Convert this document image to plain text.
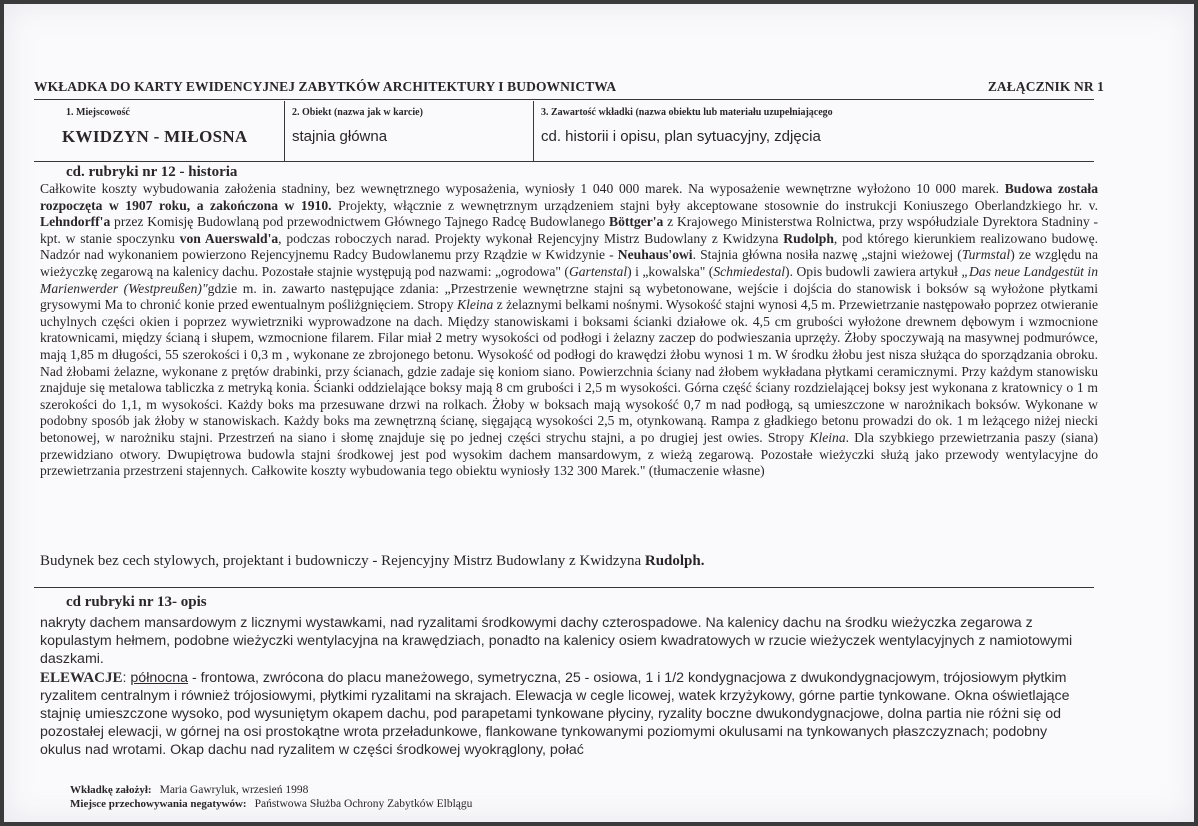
WKŁADKA DO KARTY EWIDENCYJNEJ ZABYTKÓW ARCHITEKTURY I BUDOWNICTWA	ZAŁĄCZNIK NR 1
1. Miejscowość
KWIDZYN - MIŁOSNA
2. Obiekt (nazwa jak w karcie)
stajnia główna
3. Zawartość wkładki (nazwa obiektu lub materiału uzupełniającego
cd. historii i opisu, plan sytuacyjny, zdjęcia
cd. rubryki nr 12 - historia
Całkowite koszty wybudowania założenia stadniny, bez wewnętrznego wyposażenia, wyniosły 1 040 000 marek. Na wyposażenie wewnętrzne wyłożono 10 000 marek. Budowa została rozpoczęta w 1907 roku, a zakończona w 1910. Projekty, włącznie z wewnętrznym urządzeniem stajni były akceptowane stosownie do instrukcji Koniuszego Oberlandzkiego hr. v. Lehndorff'a przez Komisję Budowlaną pod przewodnictwem Głównego Tajnego Radcę Budowlanego Böttger'a z Krajowego Ministerstwa Rolnictwa, przy współudziale Dyrektora Stadniny - kpt. w stanie spoczynku von Auerswald'a, podczas roboczych narad. Projekty wykonał Rejencyjny Mistrz Budowlany z Kwidzyna Rudolph, pod którego kierunkiem realizowano budowę. Nadzór nad wykonaniem powierzono Rejencyjnemu Radcy Budowlanemu przy Rządzie w Kwidzynie - Neuhaus'owi. Stajnia główna nosiła nazwę „stajni wieżowej (Turmstal) ze względu na wieżyczkę zegarową na kalenicy dachu. Pozostałe stajnie występują pod nazwami: „ogrodowa" (Gartenstal) i „kowalska" (Schmiedestal). Opis budowli zawiera artykuł „Das neue Landgestüt in Marienwerder (Westpreußen)"gdzie m. in. zawarto następujące zdania: „Przestrzenie wewnętrzne stajni są wybetonowane, wejście i dojścia do stanowisk i boksów są wyłożone płytkami grysowymi Ma to chronić konie przed ewentualnym pośliżgnięciem. Stropy Kleina z żelaznymi belkami nośnymi. Wysokość stajni wynosi 4,5 m. Przewietrzanie następowało poprzez otwieranie uchylnych części okien i poprzez wywietrzniki wyprowadzone na dach. Między stanowiskami i boksami ścianki działowe ok. 4,5 cm grubości wyłożone drewnem dębowym i wzmocnione kratownicami, między ścianą i słupem, wzmocnione filarem. Filar miał 2 metry wysokości od podłogi i żelazny zaczep do podwieszania uprzęży. Żłoby spoczywają na masywnej podmurówce, mają 1,85 m długości, 55 szerokości i 0,3 m , wykonane ze zbrojonego betonu. Wysokość od podłogi do krawędzi żłobu wynosi 1 m. W środku żłobu jest nisza służąca do sporządzania obroku. Nad żłobami żelazne, wykonane z prętów drabinki, przy ścianach, gdzie zadaje się koniom siano. Powierzchnia ściany nad żłobem wykładana płytkami ceramicznymi. Przy każdym stanowisku znajduje się metalowa tabliczka z metryką konia. Ścianki oddzielające boksy mają 8 cm grubości i 2,5 m wysokości. Górna część ściany rozdzielającej boksy jest wykonana z kratownicy o 1 m szerokości do 1,1, m wysokości. Każdy boks ma przesuwane drzwi na rolkach. Żłoby w boksach mają wysokość 0,7 m nad podłogą, są umieszczone w narożnikach boksów. Wykonane w podobny sposób jak żłoby w stanowiskach. Każdy boks ma zewnętrzną ścianę, sięgającą wysokości 2,5 m, otynkowaną. Rampa z gładkiego betonu prowadzi do ok. 1 m leżącego niżej niecki betonowej, w narożniku stajni. Przestrzeń na siano i słomę znajduje się po jednej części strychu stajni, a po drugiej jest owies. Stropy Kleina. Dla szybkiego przewietrzania paszy (siana) przewidziano otwory. Dwupiętrowa budowla stajni środkowej jest pod wysokim dachem mansardowym, z wieżą zegarową. Pozostałe wieżyczki służą jako przewody wentylacyjne do przewietrzania przestrzeni stajennych. Całkowite koszty wybudowania tego obiektu wyniosły 132 300 Marek." (tłumaczenie własne)
Budynek bez cech stylowych, projektant i budowniczy - Rejencyjny Mistrz Budowlany z Kwidzyna Rudolph.
cd rubryki nr 13- opis
nakryty dachem mansardowym z licznymi wystawkami, nad ryzalitami środkowymi dachy czterospadowe. Na kalenicy dachu na środku wieżyczka zegarowa z kopulastym hełmem, podobne wieżyczki wentylacyjna na krawędziach, ponadto na kalenicy osiem kwadratowych w rzucie wieżyczek wentylacyjnych z namiotowymi daszkami.
ELEWACJE: północna - frontowa, zwrócona do placu maneżowego, symetryczna, 25 - osiowa, 1 i 1/2 kondygnacjowa z dwukondygnacjowym, trójosiowym płytkim ryzalitem centralnym i również trójosiowymi, płytkimi ryzalitami na skrajach. Elewacja w cegle licowej, watek krzyżykowy, górne partie tynkowane. Okna oświetlające stajnię umieszczone wysoko, pod wysuniętym okapem dachu, pod parapetami tynkowane płyciny, ryzality boczne dwukondygnacjowe, dolna partia nie różni się od pozostałej elewacji, w górnej na osi prostokątne wrota przeładunkowe, flankowane tynkowanymi poziomymi okulusami na tynkowanych płaszczyznach; podobny okulus nad wrotami. Okap dachu nad ryzalitem w części środkowej wyokrąglony, połać
Wkładkę założył: Maria Gawryluk, wrzesień 1998
Miejsce przechowywania negatywów: Państwowa Służba Ochrony Zabytków Elblągu
